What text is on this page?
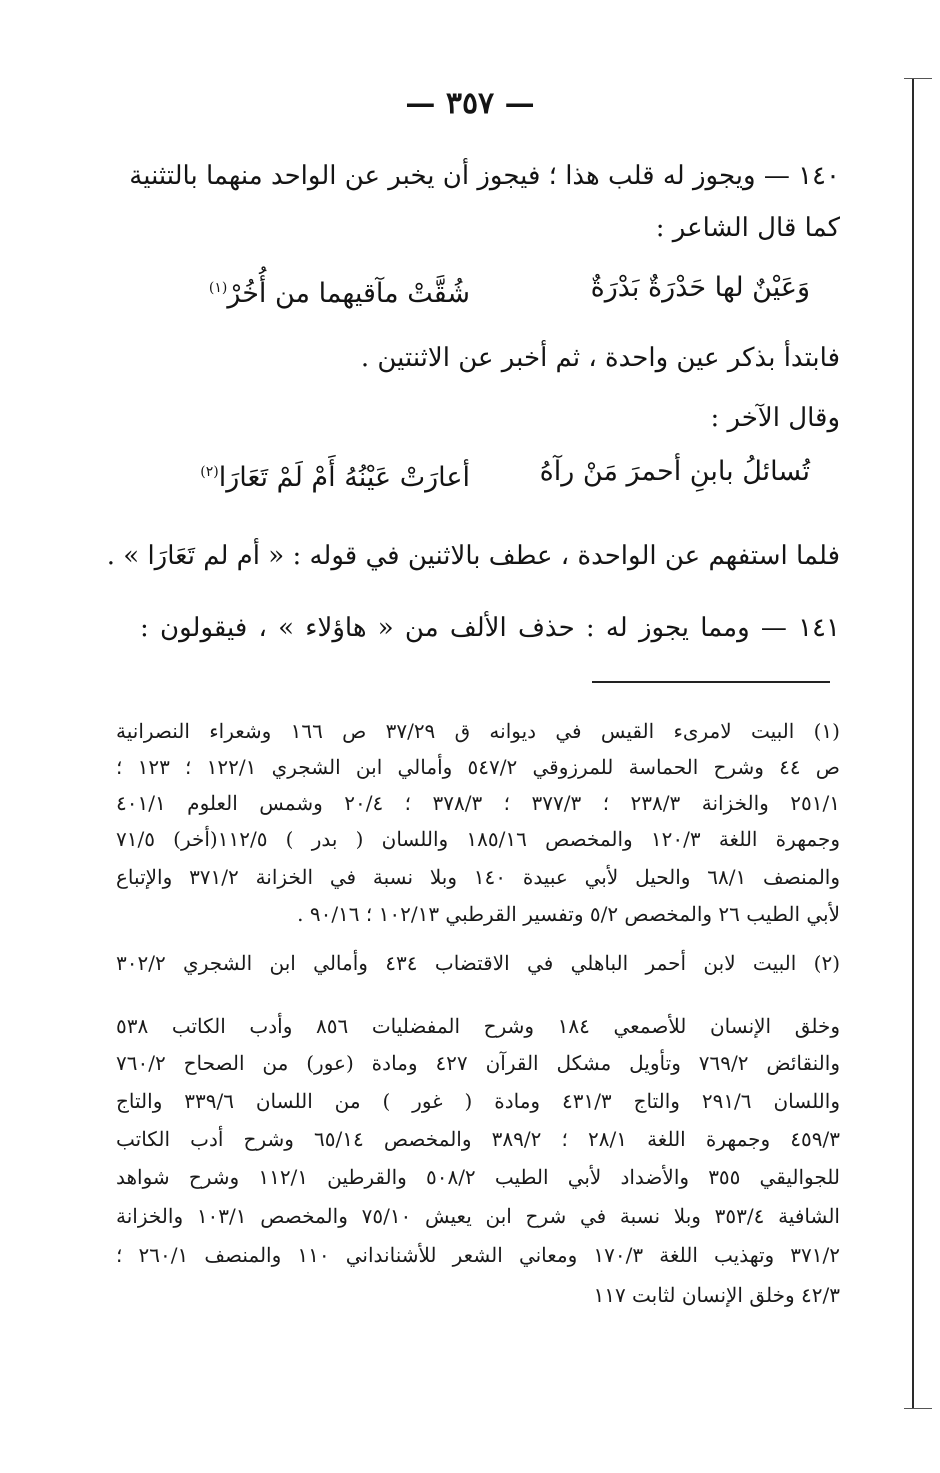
— ٣٥٧ —
١٤٠ — ويجوز له قلب هذا ؛ فيجوز أن يخبر عن الواحد منهما بالتثنية
كما قال الشاعر :
وَعَيْنٌ لها حَدْرَةٌ بَدْرَةٌ
شُقَّتْ مآقيهما من أُخُرْ$^{(١)}$
فابتدأ بذكر عين واحدة ، ثم أخبر عن الاثنتين .
وقال الآخر :
تُسائلُ بابنِ أحمرَ مَنْ رآهُ
أعارَتْ عَيْنُهُ أَمْ لَمْ تَعَارَا$^{(٢)}$
فلما استفهم عن الواحدة ، عطف بالاثنين في قوله : « أم لم تَعَارَا » .
١٤١ — ومما يجوز له : حذف الألف من « هاؤلاء » ، فيقولون :
(١) البيت لامرىء القيس في ديوانه ق ٣٧/٢٩ ص ١٦٦ وشعراء النصرانية
ص ٤٤ وشرح الحماسة للمرزوقي ٥٤٧/٢ وأمالي ابن الشجري ١٢٢/١ ؛ ١٢٣ ؛
٢٥١/١ والخزانة ٢٣٨/٣ ؛ ٣٧٧/٣ ؛ ٣٧٨/٣ ؛ ٢٠/٤ وشمس العلوم ٤٠١/١
وجمهرة اللغة ١٢٠/٣ والمخصص ١٨٥/١٦ واللسان ( بدر ) ١١٢/٥(أخر) ٧١/٥
والمنصف ٦٨/١ والحيل لأبي عبيدة ١٤٠ وبلا نسبة في الخزانة ٣٧١/٢ والإتباع
لأبي الطيب ٢٦ والمخصص ٥/٢ وتفسير القرطبي ١٠٢/١٣ ؛ ٩٠/١٦ .
(٢) البيت لابن أحمر الباهلي في الاقتضاب ٤٣٤ وأمالي ابن الشجري ٣٠٢/٢
وخلق الإنسان للأصمعي ١٨٤ وشرح المفضليات ٨٥٦ وأدب الكاتب ٥٣٨
والنقائض ٧٦٩/٢ وتأويل مشكل القرآن ٤٢٧ ومادة (عور) من الصحاح ٧٦٠/٢
واللسان ٢٩١/٦ والتاج ٤٣١/٣ ومادة ( غور ) من اللسان ٣٣٩/٦ والتاج
٤٥٩/٣ وجمهرة اللغة ٢٨/١ ؛ ٣٨٩/٢ والمخصص ٦٥/١٤ وشرح أدب الكاتب
للجواليقي ٣٥٥ والأضداد لأبي الطيب ٥٠٨/٢ والقرطين ١١٢/١ وشرح شواهد
الشافية ٣٥٣/٤ وبلا نسبة في شرح ابن يعيش ٧٥/١٠ والمخصص ١٠٣/١ والخزانة
٣٧١/٢ وتهذيب اللغة ١٧٠/٣ ومعاني الشعر للأشنانداني ١١٠ والمنصف ٢٦٠/١ ؛
٤٢/٣ وخلق الإنسان لثابت ١١٧
